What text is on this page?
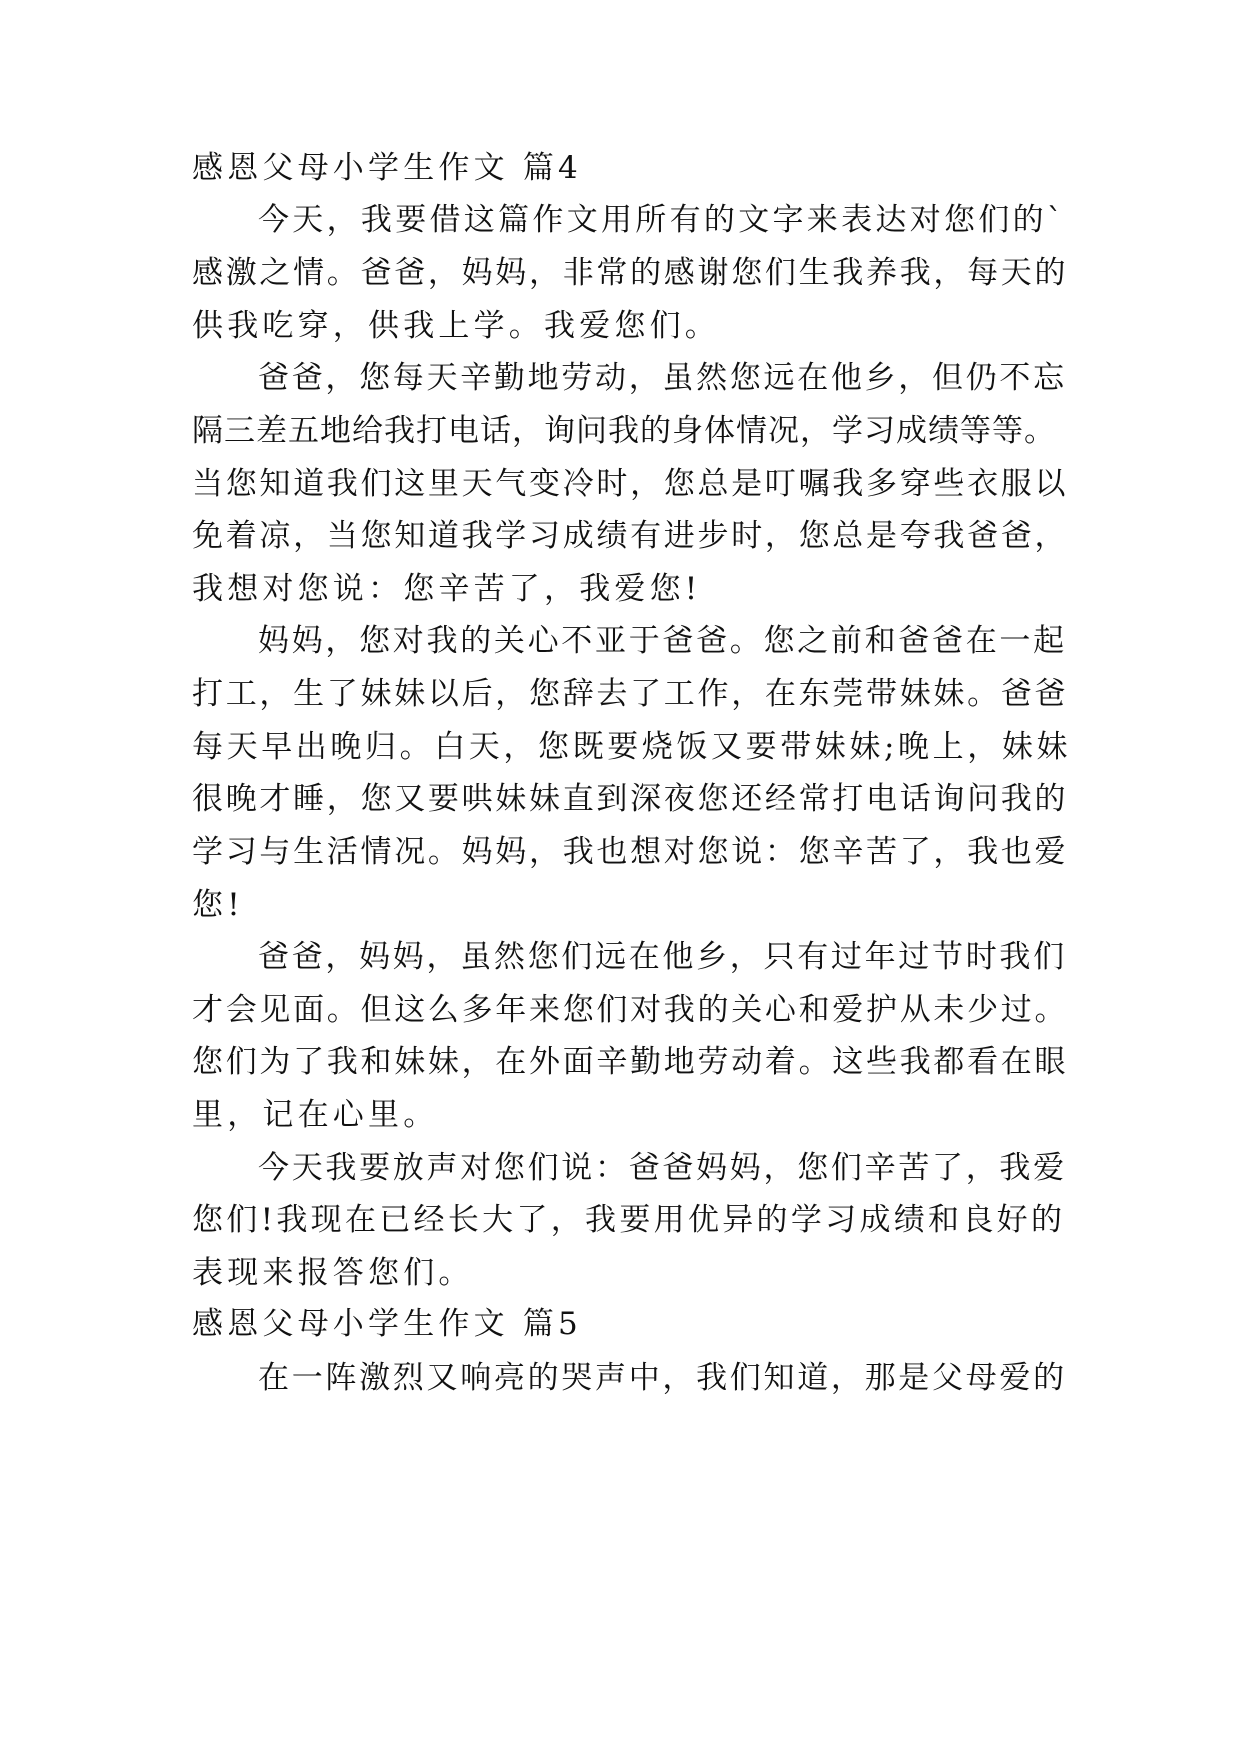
感恩父母小学生作文 篇4
今天，我要借这篇作文用所有的文字来表达对您们的`
感激之情。爸爸，妈妈，非常的感谢您们生我养我，每天的
供我吃穿，供我上学。我爱您们。
爸爸，您每天辛勤地劳动，虽然您远在他乡，但仍不忘
隔三差五地给我打电话，询问我的身体情况，学习成绩等等。
当您知道我们这里天气变冷时，您总是叮嘱我多穿些衣服以
免着凉，当您知道我学习成绩有进步时，您总是夸我爸爸，
我想对您说：您辛苦了，我爱您!
妈妈，您对我的关心不亚于爸爸。您之前和爸爸在一起
打工，生了妹妹以后，您辞去了工作，在东莞带妹妹。爸爸
每天早出晚归。白天，您既要烧饭又要带妹妹;晚上，妹妹
很晚才睡，您又要哄妹妹直到深夜您还经常打电话询问我的
学习与生活情况。妈妈，我也想对您说：您辛苦了，我也爱
您!
爸爸，妈妈，虽然您们远在他乡，只有过年过节时我们
才会见面。但这么多年来您们对我的关心和爱护从未少过。
您们为了我和妹妹，在外面辛勤地劳动着。这些我都看在眼
里，记在心里。
今天我要放声对您们说：爸爸妈妈，您们辛苦了，我爱
您们!我现在已经长大了，我要用优异的学习成绩和良好的
表现来报答您们。
感恩父母小学生作文 篇5
在一阵激烈又响亮的哭声中，我们知道，那是父母爱的
